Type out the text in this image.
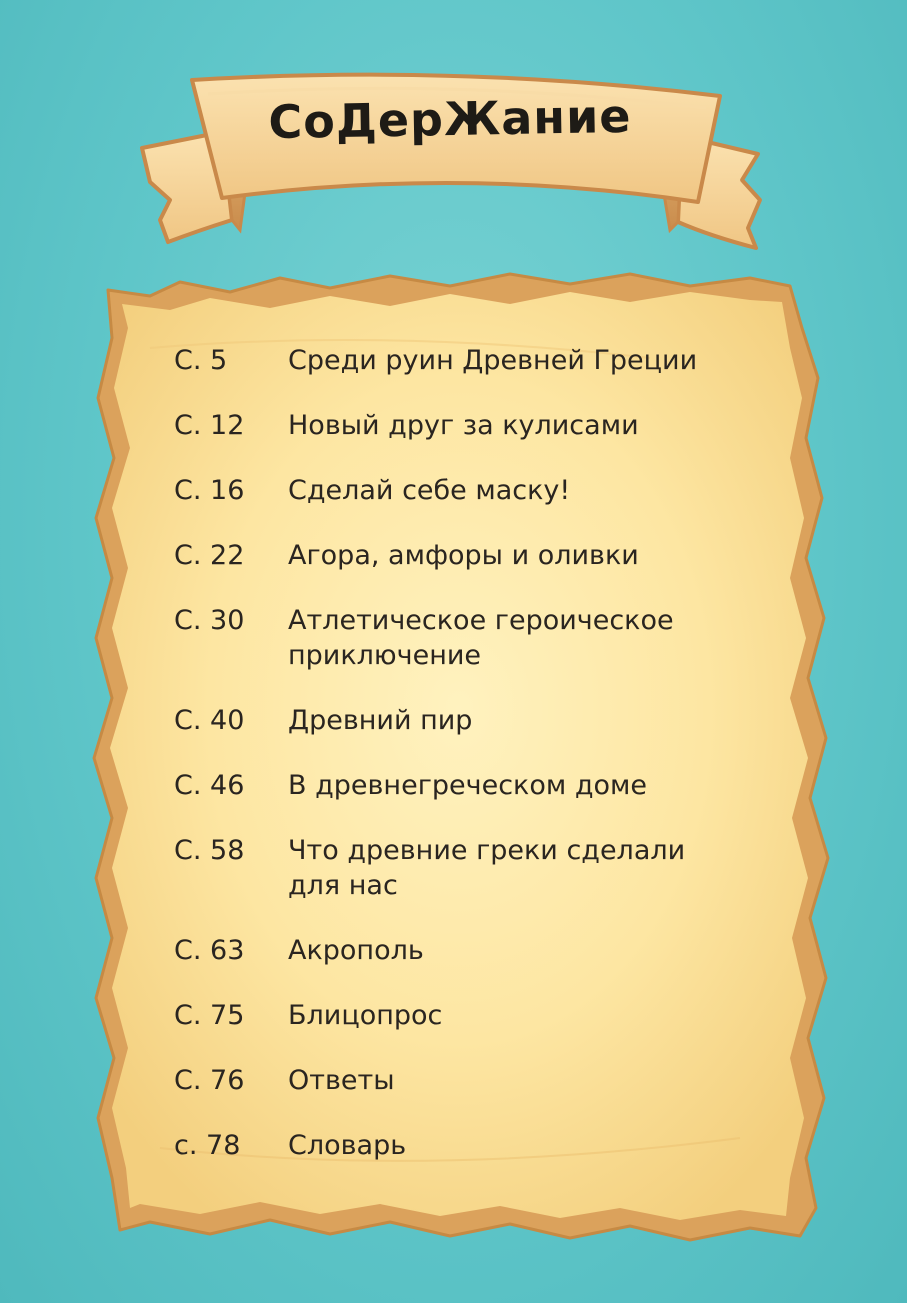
СоДерЖание
С. 5	Среди руин Древней Греции
С. 12	Новый друг за кулисами
С. 16	Сделай себе маску!
С. 22	Агора, амфоры и оливки
С. 30	Атлетическое героическое приключение
С. 40	Древний пир
С. 46	В древнегреческом доме
С. 58	Что древние греки сделали для нас
С. 63	Акрополь
С. 75	Блицопрос
С. 76	Ответы
с. 78	Словарь
